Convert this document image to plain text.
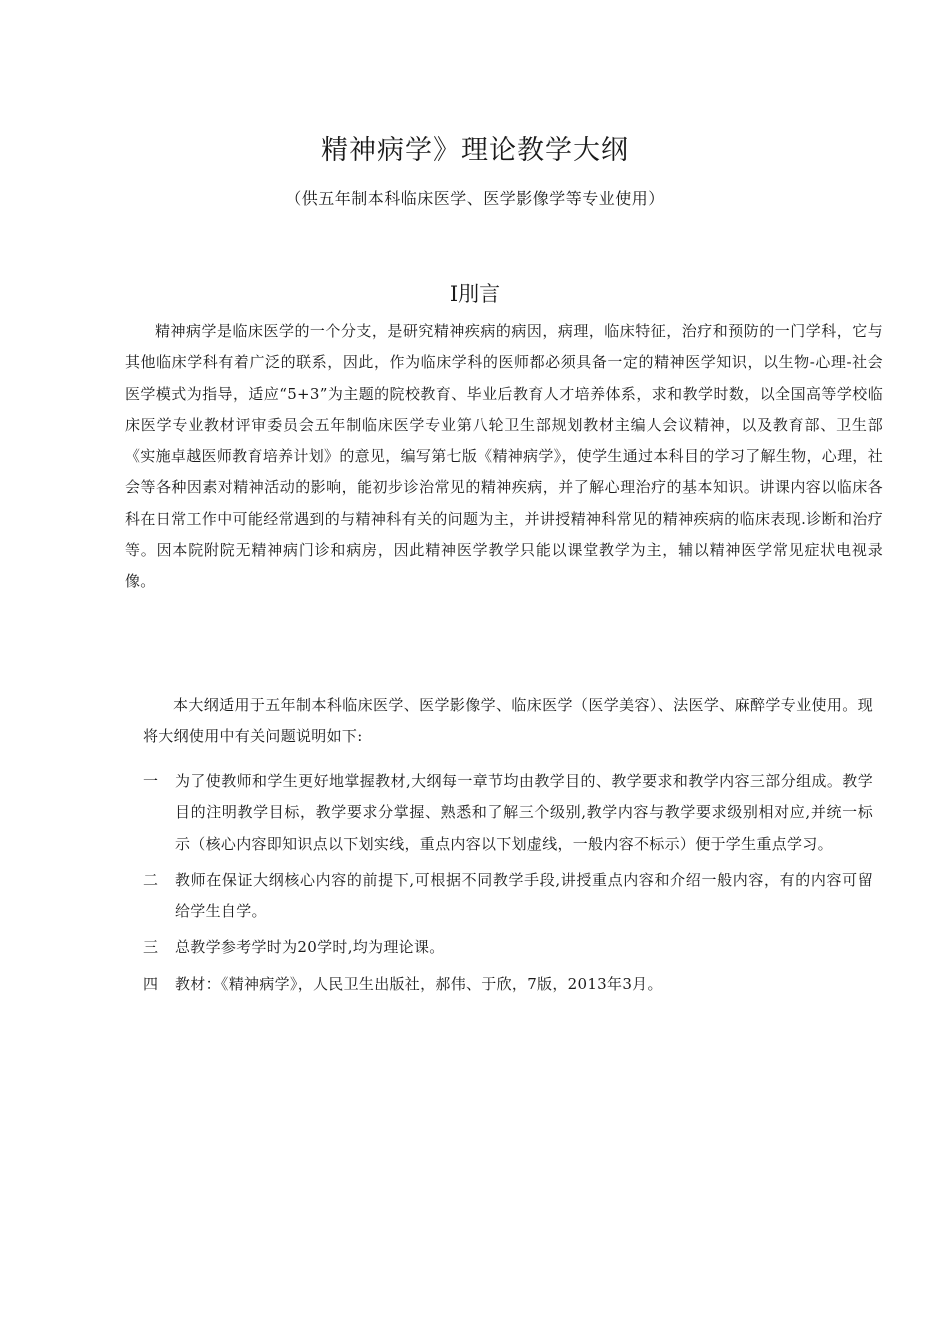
精神病学》理论教学大纲

（供五年制本科临床医学、医学影像学等专业使用）

I刖言

精神病学是临床医学的一个分支，是研究精神疾病的病因，病理，临床特征，治疗和预防的一门学科，它与其他临床学科有着广泛的联系，因此，作为临床学科的医师都必须具备一定的精神医学知识，以生物-心理-社会医学模式为指导，适应“5+3”为主题的院校教育、毕业后教育人才培养体系，求和教学时数，以全国高等学校临床医学专业教材评审委员会五年制临床医学专业第八轮卫生部规划教材主编人会议精神，以及教育部、卫生部《实施卓越医师教育培养计划》的意见，编写第七版《精神病学》，使学生通过本科目的学习了解生物，心理，社会等各种因素对精神活动的影响，能初步诊治常见的精神疾病，并了解心理治疗的基本知识。讲课内容以临床各科在日常工作中可能经常遇到的与精神科有关的问题为主，并讲授精神科常见的精神疾病的临床表现.诊断和治疗等。因本院附院无精神病门诊和病房，因此精神医学教学只能以课堂教学为主，辅以精神医学常见症状电视录像。

本大纲适用于五年制本科临床医学、医学影像学、临床医学（医学美容）、法医学、麻醉学专业使用。现将大纲使用中有关问题说明如下:

一 为了使教师和学生更好地掌握教材,大纲每一章节均由教学目的、教学要求和教学内容三部分组成。教学目的注明教学目标，教学要求分掌握、熟悉和了解三个级别,教学内容与教学要求级别相对应,并统一标示（核心内容即知识点以下划实线，重点内容以下划虚线，一般内容不标示）便于学生重点学习。
二 教师在保证大纲核心内容的前提下,可根据不同教学手段,讲授重点内容和介绍一般内容，有的内容可留给学生自学。
三 总教学参考学时为20学时,均为理论课。
四 教材：《精神病学》，人民卫生出版社，郝伟、于欣，7版，2013年3月。
